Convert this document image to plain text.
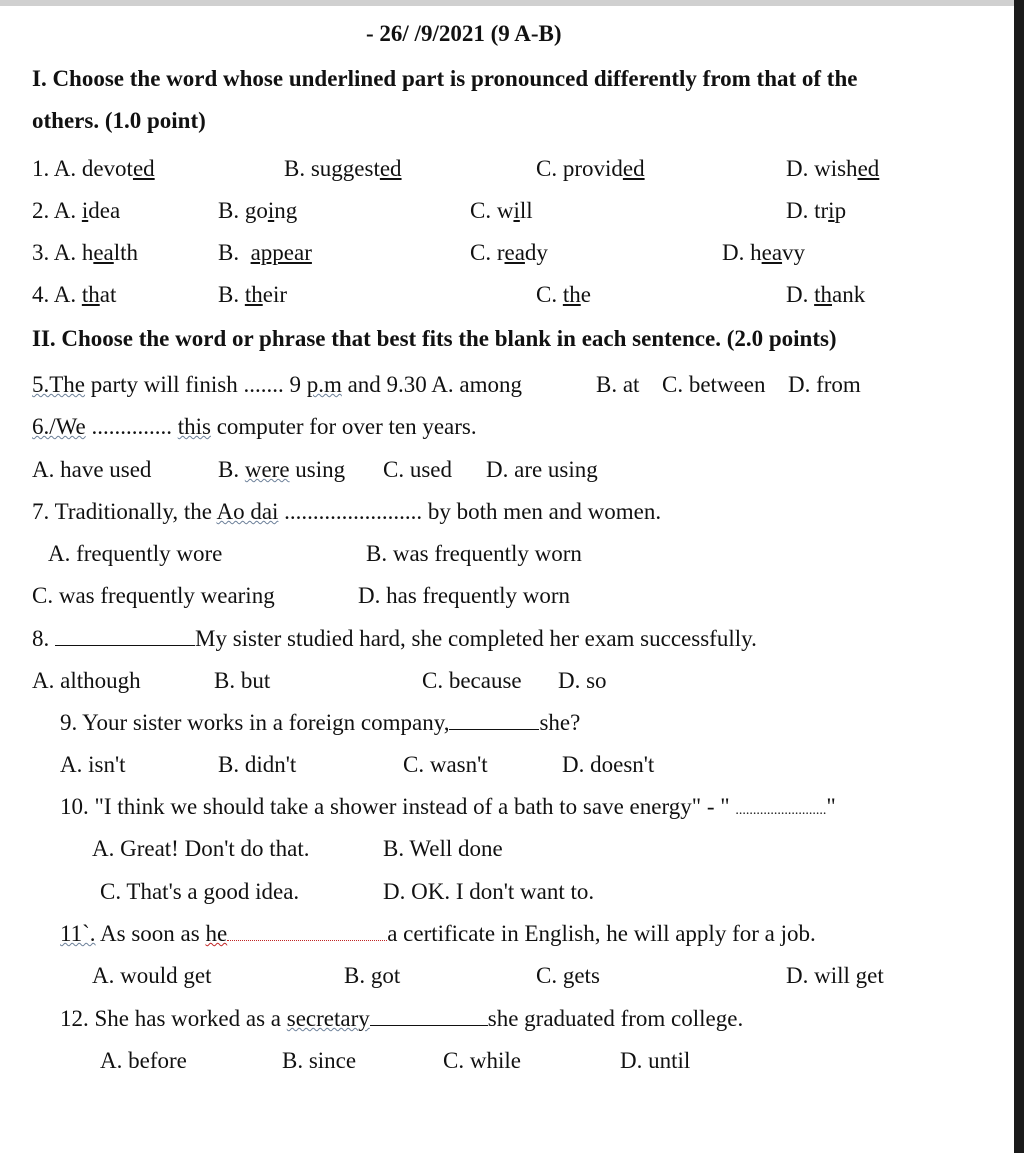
- 26/ /9/2021 (9 A-B)
I. Choose the word whose underlined part is pronounced differently from that of the
others. (1.0 point)
1. A. devoted	B. suggested	C. provided	D. wished
2. A. idea	B. going	C. will	D. trip
3. A. health	B. appear	C. ready	D. heavy
4. A. that	B. their	C. the	D. thank
II. Choose the word or phrase that best fits the blank in each sentence. (2.0 points)
5.The party will finish ....... 9 p.m and 9.30 A. among	B. at C. between D. from
6./We .............. this computer for over ten years.
A. have used	B. were using C. used D. are using
7. Traditionally, the Ao dai ........................ by both men and women.
A. frequently wore	B. was frequently worn
C. was frequently wearing	D. has frequently worn
8.	My sister studied hard, she completed her exam successfully.
A. although	B. but	C. because D. so
9. Your sister works in a foreign company,	she?
A. isn't	B. didn't	C. wasn't	D. doesn't
10. "I think we should take a shower instead of a bath to save energy" - " .........................."
A. Great! Don't do that.	B. Well done
C. That's a good idea.	D. OK. I don't want to.
11`. As soon as he	a certificate in English, he will apply for a job.
A. would get	B. got	C. gets	D. will get
12. She has worked as a secretary	she graduated from college.
A. before	B. since	C. while	D. until
